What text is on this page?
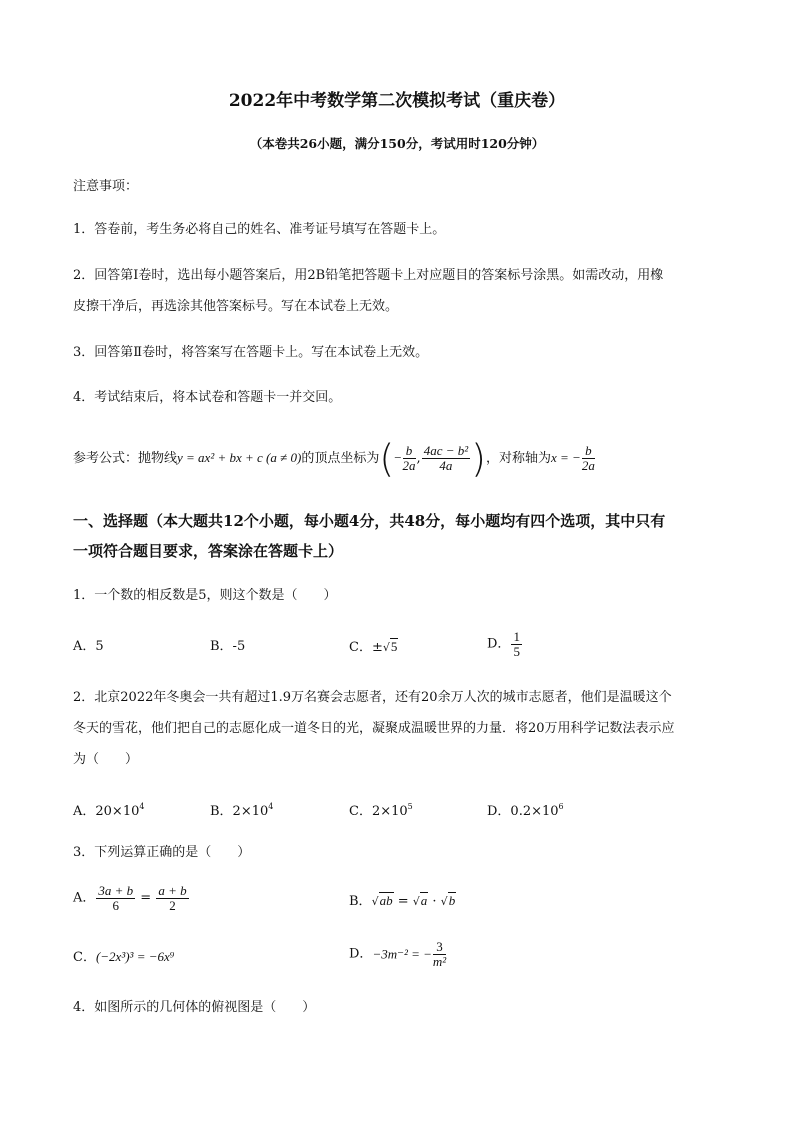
2022年中考数学第二次模拟考试（重庆卷）
（本卷共26小题，满分150分，考试用时120分钟）
注意事项：
1．答卷前，考生务必将自己的姓名、准考证号填写在答题卡上。
2．回答第Ⅰ卷时，选出每小题答案后，用2B铅笔把答题卡上对应题目的答案标号涂黑。如需改动，用橡
皮擦干净后，再选涂其他答案标号。写在本试卷上无效。
3．回答第Ⅱ卷时，将答案写在答题卡上。写在本试卷上无效。
4．考试结束后，将本试卷和答题卡一并交回。
参考公式：抛物线y = ax² + bx + c (a ≠ 0)的顶点坐标为(− $\frac{b}{2a}$ , $\frac{\text{4ac − b²}}{4a}$ )，对称轴为x = − $\frac{b}{2a}$
一、选择题（本大题共12个小题，每小题4分，共48分，每小题均有四个选项，其中只有
一项符合题目要求，答案涂在答题卡上）
1．一个数的相反数是5，则这个数是（　　）
A．5	B．-5	C．±√5	D． $\frac{1}{5}$
2．北京2022年冬奥会一共有超过1.9万名赛会志愿者，还有20余万人次的城市志愿者，他们是温暖这个
冬天的雪花，他们把自己的志愿化成一道冬日的光，凝聚成温暖世界的力量．将20万用科学记数法表示应
为（　　）
A．$20\times 10^4$	B．$2\times 10^4$	C．$2\times 10^5$	D．$0.2\times 10^6$
3．下列运算正确的是（　　）
A． $\frac{3a + b}{6} = \frac{a + b}{2}$	B．√ab = √a · √b
C．(−2x³)³ = −6x⁹	D．−3m⁻² = − $\frac{3}{\text{m²}}$
4．如图所示的几何体的俯视图是（　　）
